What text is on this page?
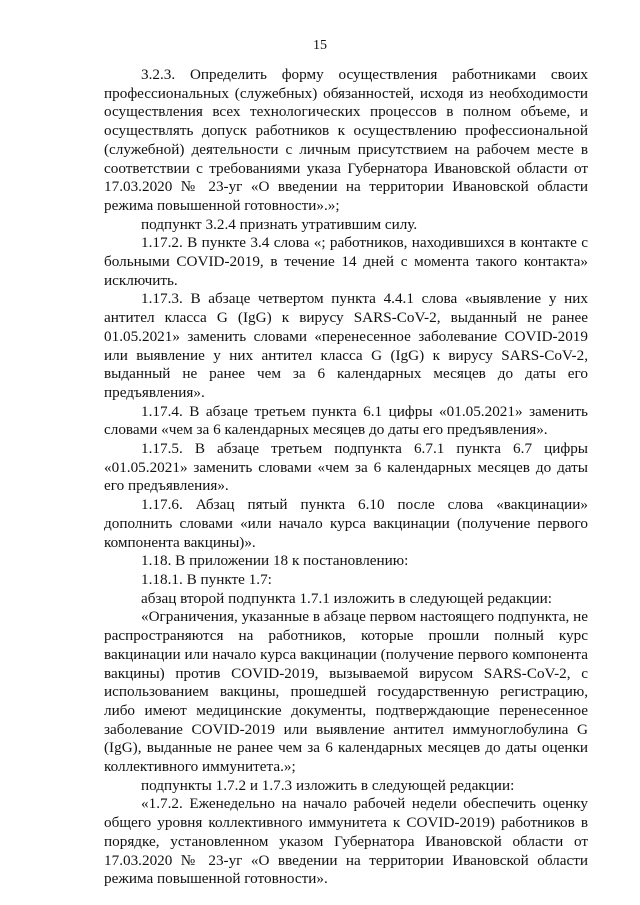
15

3.2.3. Определить форму осуществления работниками своих профессиональных (служебных) обязанностей, исходя из необходимости осуществления всех технологических процессов в полном объеме, и осуществлять допуск работников к осуществлению профессиональной (служебной) деятельности с личным присутствием на рабочем месте в соответствии с требованиями указа Губернатора Ивановской области от 17.03.2020 № 23-уг «О введении на территории Ивановской области режима повышенной готовности».»;

подпункт 3.2.4 признать утратившим силу.

1.17.2. В пункте 3.4 слова «; работников, находившихся в контакте с больными COVID-2019, в течение 14 дней с момента такого контакта» исключить.

1.17.3. В абзаце четвертом пункта 4.4.1 слова «выявление у них антител класса G (IgG) к вирусу SARS-CoV-2, выданный не ранее 01.05.2021» заменить словами «перенесенное заболевание COVID-2019 или выявление у них антител класса G (IgG) к вирусу SARS-CoV-2, выданный не ранее чем за 6 календарных месяцев до даты его предъявления».

1.17.4. В абзаце третьем пункта 6.1 цифры «01.05.2021» заменить словами «чем за 6 календарных месяцев до даты его предъявления».

1.17.5. В абзаце третьем подпункта 6.7.1 пункта 6.7 цифры «01.05.2021» заменить словами «чем за 6 календарных месяцев до даты его предъявления».

1.17.6. Абзац пятый пункта 6.10 после слова «вакцинации» дополнить словами «или начало курса вакцинации (получение первого компонента вакцины)».

1.18. В приложении 18 к постановлению:

1.18.1. В пункте 1.7:

абзац второй подпункта 1.7.1 изложить в следующей редакции:

«Ограничения, указанные в абзаце первом настоящего подпункта, не распространяются на работников, которые прошли полный курс вакцинации или начало курса вакцинации (получение первого компонента вакцины) против COVID-2019, вызываемой вирусом SARS-CoV-2, с использованием вакцины, прошедшей государственную регистрацию, либо имеют медицинские документы, подтверждающие перенесенное заболевание COVID-2019 или выявление антител иммуноглобулина G (IgG), выданные не ранее чем за 6 календарных месяцев до даты оценки коллективного иммунитета.»;

подпункты 1.7.2 и 1.7.3 изложить в следующей редакции:

«1.7.2. Еженедельно на начало рабочей недели обеспечить оценку общего уровня коллективного иммунитета к COVID-2019) работников в порядке, установленном указом Губернатора Ивановской области от 17.03.2020 № 23-уг «О введении на территории Ивановской области режима повышенной готовности».
